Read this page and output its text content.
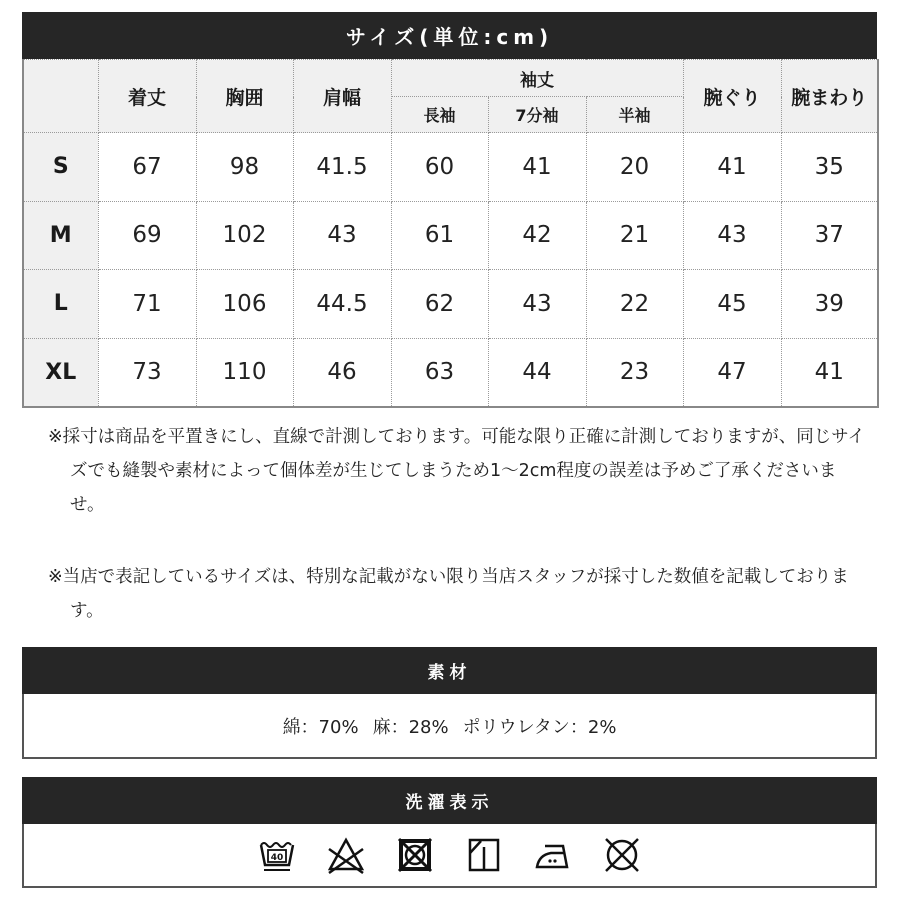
サイズ(単位:cm)
	着丈	胸囲	肩幅	袖丈			腕ぐり	腕まわり
				長袖	7分袖	半袖		
S	67	98	41.5	60	41	20	41	35
M	69	102	43	61	42	21	43	37
L	71	106	44.5	62	43	22	45	39
XL	73	110	46	63	44	23	47	41

※採寸は商品を平置きにし、直線で計測しております。可能な限り正確に計測しておりますが、同じサイズでも縫製や素材によって個体差が生じてしまうため1～2cm程度の誤差は予めご了承くださいませ。

※当店で表記しているサイズは、特別な記載がない限り当店スタッフが採寸した数値を記載しております。

素材
綿：70% 麻：28% ポリウレタン：2%
洗濯表示
40
